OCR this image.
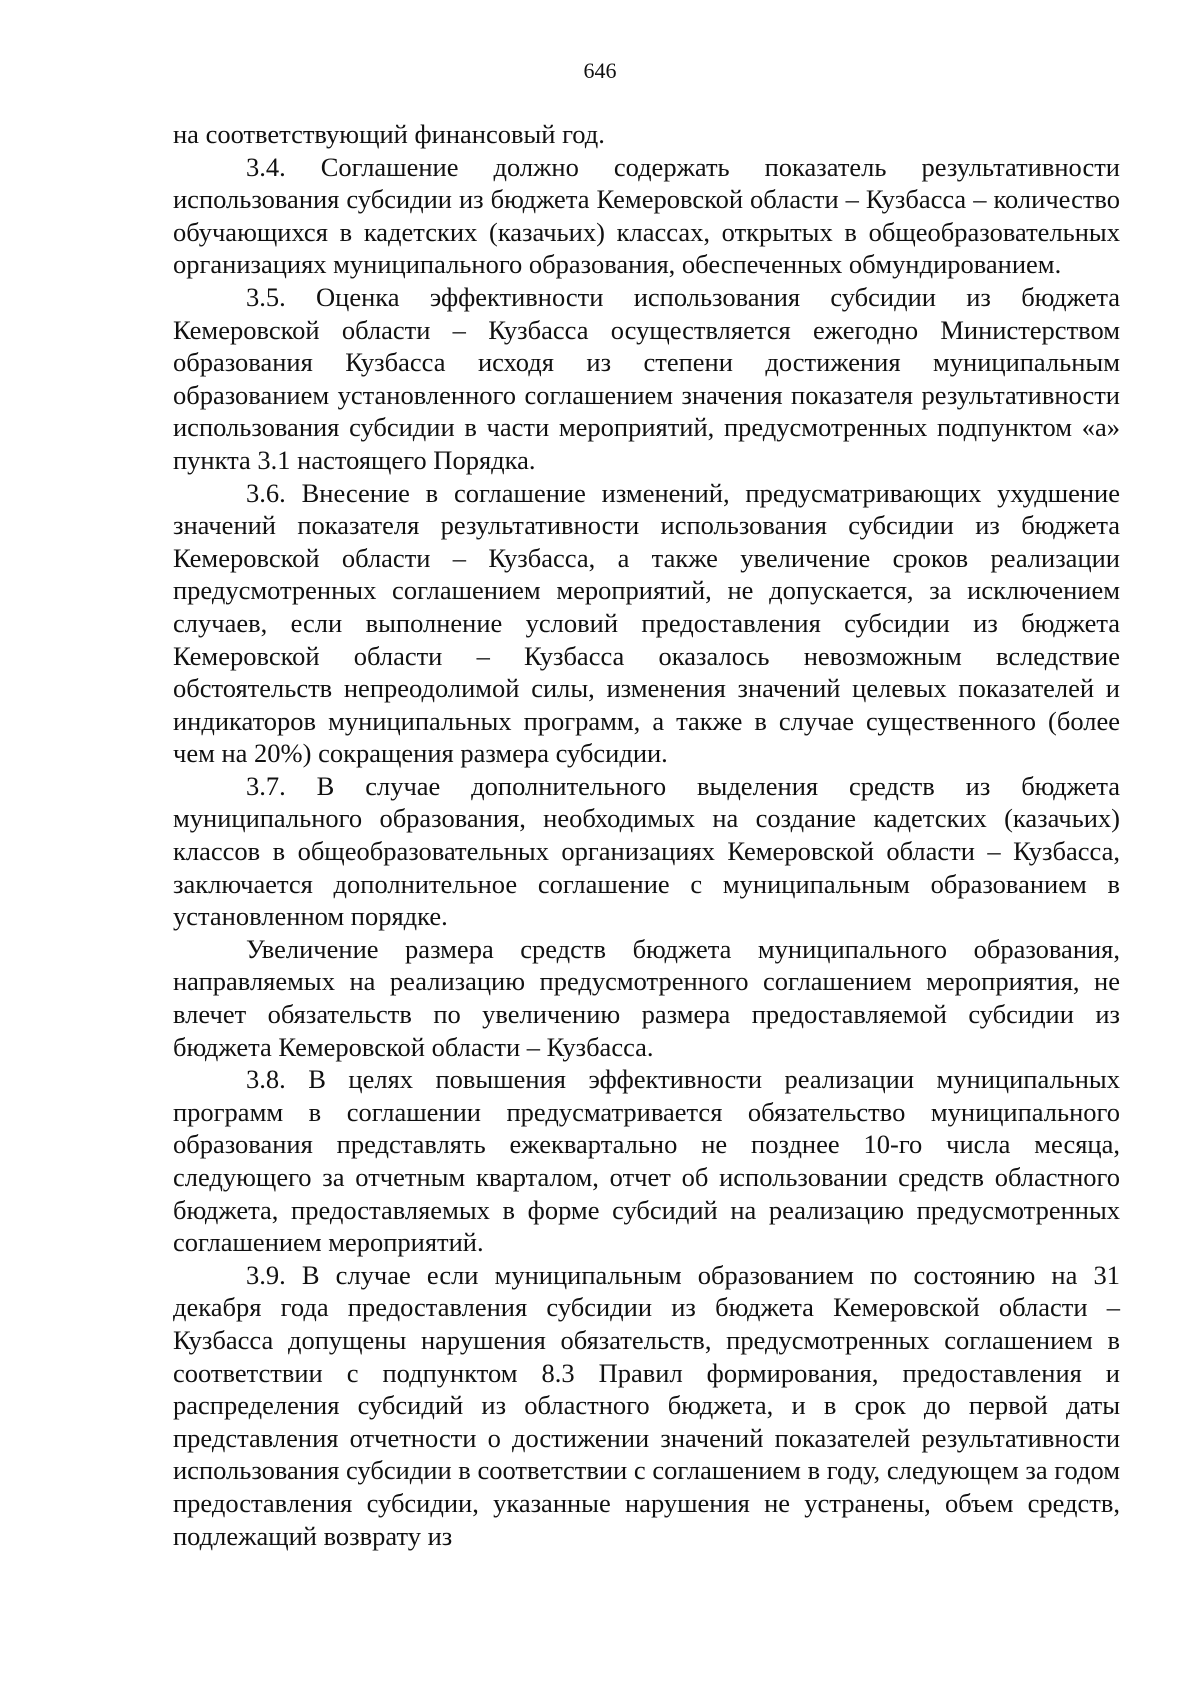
646

на соответствующий финансовый год.

3.4. Соглашение должно содержать показатель результативности использования субсидии из бюджета Кемеровской области – Кузбасса – количество обучающихся в кадетских (казачьих) классах, открытых в общеобразовательных организациях муниципального образования, обеспеченных обмундированием.

3.5. Оценка эффективности использования субсидии из бюджета Кемеровской области – Кузбасса осуществляется ежегодно Министерством образования Кузбасса исходя из степени достижения муниципальным образованием установленного соглашением значения показателя результативности использования субсидии в части мероприятий, предусмотренных подпунктом «а» пункта 3.1 настоящего Порядка.

3.6. Внесение в соглашение изменений, предусматривающих ухудшение значений показателя результативности использования субсидии из бюджета Кемеровской области – Кузбасса, а также увеличение сроков реализации предусмотренных соглашением мероприятий, не допускается, за исключением случаев, если выполнение условий предоставления субсидии из бюджета Кемеровской области – Кузбасса оказалось невозможным вследствие обстоятельств непреодолимой силы, изменения значений целевых показателей и индикаторов муниципальных программ, а также в случае существенного (более чем на 20%) сокращения размера субсидии.

3.7. В случае дополнительного выделения средств из бюджета муниципального образования, необходимых на создание кадетских (казачьих) классов в общеобразовательных организациях Кемеровской области – Кузбасса, заключается дополнительное соглашение с муниципальным образованием в установленном порядке.

Увеличение размера средств бюджета муниципального образования, направляемых на реализацию предусмотренного соглашением мероприятия, не влечет обязательств по увеличению размера предоставляемой субсидии из бюджета Кемеровской области – Кузбасса.

3.8. В целях повышения эффективности реализации муниципальных программ в соглашении предусматривается обязательство муниципального образования представлять ежеквартально не позднее 10-го числа месяца, следующего за отчетным кварталом, отчет об использовании средств областного бюджета, предоставляемых в форме субсидий на реализацию предусмотренных соглашением мероприятий.

3.9. В случае если муниципальным образованием по состоянию на 31 декабря года предоставления субсидии из бюджета Кемеровской области – Кузбасса допущены нарушения обязательств, предусмотренных соглашением в соответствии с подпунктом 8.3 Правил формирования, предоставления и распределения субсидий из областного бюджета, и в срок до первой даты представления отчетности о достижении значений показателей результативности использования субсидии в соответствии с соглашением в году, следующем за годом предоставления субсидии, указанные нарушения не устранены, объем средств, подлежащий возврату из
